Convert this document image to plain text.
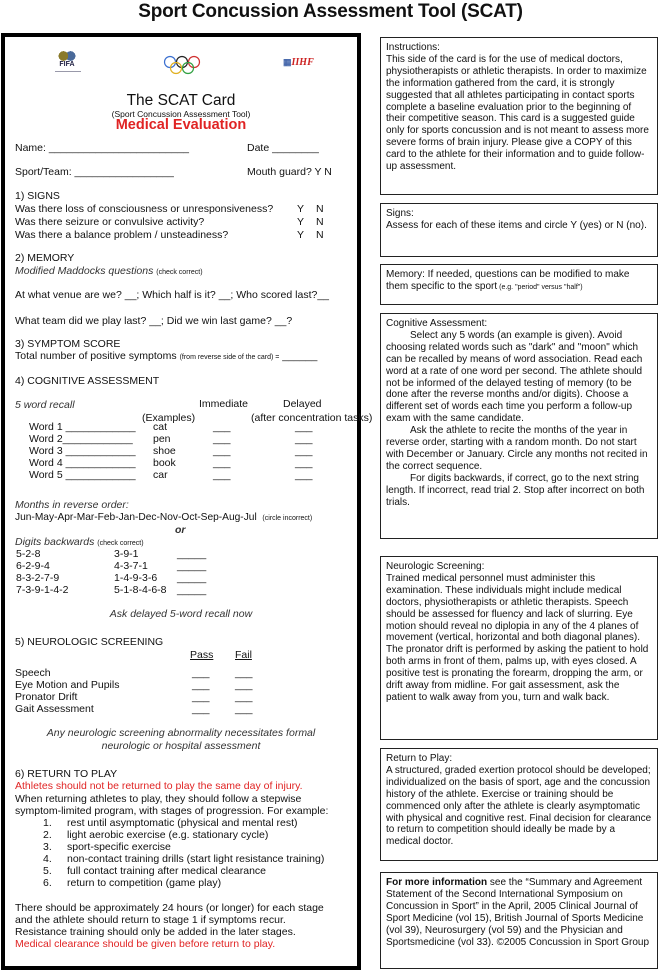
Sport Concussion Assessment Tool (SCAT)
FIFA	▦IIHF
The SCAT Card
(Sport Concussion Assessment Tool)
Medical Evaluation
Name: ________________________	Date ________
Sport/Team: _________________	Mouth guard? Y N
1) SIGNS
Was there loss of consciousness or unresponsiveness? Y N
Was there seizure or convulsive activity?	Y N
Was there a balance problem / unsteadiness?	Y N
2) MEMORY
Modified Maddocks questions (check correct)
At what venue are we? __; Which half is it? __; Who scored last?__
What team did we play last? __; Did we win last game? __?
3) SYMPTOM SCORE
Total number of positive symptoms (from reverse side of the card) = ______
4) COGNITIVE ASSESSMENT
5 word recall	Immediate	Delayed
(Examples)	(after concentration tasks)
Word 1 ____________ cat	___	___
Word 2____________ pen	___	___
Word 3 ____________ shoe	___	___
Word 4 ____________ book	___	___
Word 5 ____________ car	___	___
Months in reverse order:
Jun-May-Apr-Mar-Feb-Jan-Dec-Nov-Oct-Sep-Aug-Jul (circle incorrect)
or
Digits backwards (check correct)
5-2-8	3-9-1	_____
6-2-9-4	4-3-7-1	_____
8-3-2-7-9	1-4-9-3-6 _____
7-3-9-1-4-2	5-1-8-4-6-8 _____
Ask delayed 5-word recall now
5) NEUROLOGIC SCREENING
Pass Fail
Speech	___ ___
Eye Motion and Pupils	___ ___
Pronator Drift	___ ___
Gait Assessment	___ ___
Any neurologic screening abnormality necessitates formal
neurologic or hospital assessment
6) RETURN TO PLAY
Athletes should not be returned to play the same day of injury.
When returning athletes to play, they should follow a stepwise
symptom-limited program, with stages of progression. For example:
1. rest until asymptomatic (physical and mental rest)
2. light aerobic exercise (e.g. stationary cycle)
3. sport-specific exercise
4. non-contact training drills (start light resistance training)
5. full contact training after medical clearance
6. return to competition (game play)
There should be approximately 24 hours (or longer) for each stage
and the athlete should return to stage 1 if symptoms recur.
Resistance training should only be added in the later stages.
Medical clearance should be given before return to play.
Instructions:
This side of the card is for the use of medical doctors, physiotherapists or athletic therapists. In order to maximize the information gathered from the card, it is strongly suggested that all athletes participating in contact sports complete a baseline evaluation prior to the beginning of their competitive season. This card is a suggested guide only for sports concussion and is not meant to assess more severe forms of brain injury. Please give a COPY of this card to the athlete for their information and to guide follow-up assessment.
Signs:
Assess for each of these items and circle Y (yes) or N (no).
Memory: If needed, questions can be modified to make them specific to the sport (e.g. "period" versus "half")
Cognitive Assessment:
Select any 5 words (an example is given). Avoid choosing related words such as "dark" and "moon" which can be recalled by means of word association. Read each word at a rate of one word per second. The athlete should not be informed of the delayed testing of memory (to be done after the reverse months and/or digits). Choose a different set of words each time you perform a follow-up exam with the same candidate.
Ask the athlete to recite the months of the year in reverse order, starting with a random month. Do not start with December or January. Circle any months not recited in the correct sequence.
For digits backwards, if correct, go to the next string length. If incorrect, read trial 2. Stop after incorrect on both trials.
Neurologic Screening:
Trained medical personnel must administer this examination. These individuals might include medical doctors, physiotherapists or athletic therapists. Speech should be assessed for fluency and lack of slurring. Eye motion should reveal no diplopia in any of the 4 planes of movement (vertical, horizontal and both diagonal planes). The pronator drift is performed by asking the patient to hold both arms in front of them, palms up, with eyes closed. A positive test is pronating the forearm, dropping the arm, or drift away from midline. For gait assessment, ask the patient to walk away from you, turn and walk back.
Return to Play:
A structured, graded exertion protocol should be developed; individualized on the basis of sport, age and the concussion history of the athlete. Exercise or training should be commenced only after the athlete is clearly asymptomatic with physical and cognitive rest. Final decision for clearance to return to competition should ideally be made by a medical doctor.
For more information see the “Summary and Agreement Statement of the Second International Symposium on Concussion in Sport” in the April, 2005 Clinical Journal of Sport Medicine (vol 15), British Journal of Sports Medicine (vol 39), Neurosurgery (vol 59) and the Physician and Sportsmedicine (vol 33). ©2005 Concussion in Sport Group
